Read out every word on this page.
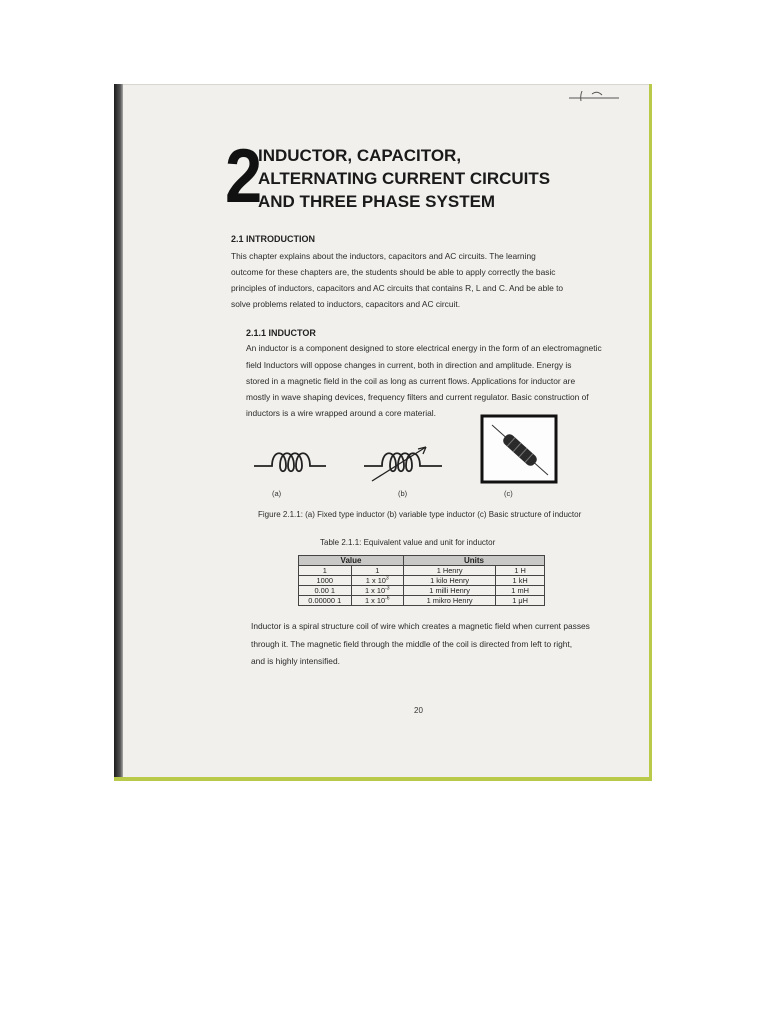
2
INDUCTOR, CAPACITOR,
ALTERNATING CURRENT CIRCUITS
AND THREE PHASE SYSTEM
2.1 INTRODUCTION
This chapter explains about the inductors, capacitors and AC circuits. The learning
outcome for these chapters are, the students should be able to apply correctly the basic
principles of inductors, capacitors and AC circuits that contains R, L and C. And be able to
solve problems related to inductors, capacitors and AC circuit.
2.1.1 INDUCTOR
An inductor is a component designed to store electrical energy in the form of an electromagnetic
field Inductors will oppose changes in current, both in direction and amplitude. Energy is
stored in a magnetic field in the coil as long as current flows. Applications for inductor are
mostly in wave shaping devices, frequency filters and current regulator. Basic construction of
inductors is a wire wrapped around a core material.
(a)	(b)	(c)
Figure 2.1.1: (a) Fixed type inductor (b) variable type inductor (c) Basic structure of inductor
Table 2.1.1: Equivalent value and unit for inductor
Value		Units	
1	1	1 Henry	1 H
1000	1 x $10^3$	1 kilo Henry	1 kH
0.00 1	1 x $10^{-3}$	1 milli Henry	1 mH
0.00000 1	1 x $10^{-6}$	1 mikro Henry	1 μH
Inductor is a spiral structure coil of wire which creates a magnetic field when current passes
through it. The magnetic field through the middle of the coil is directed from left to right,
and is highly intensified.
20
